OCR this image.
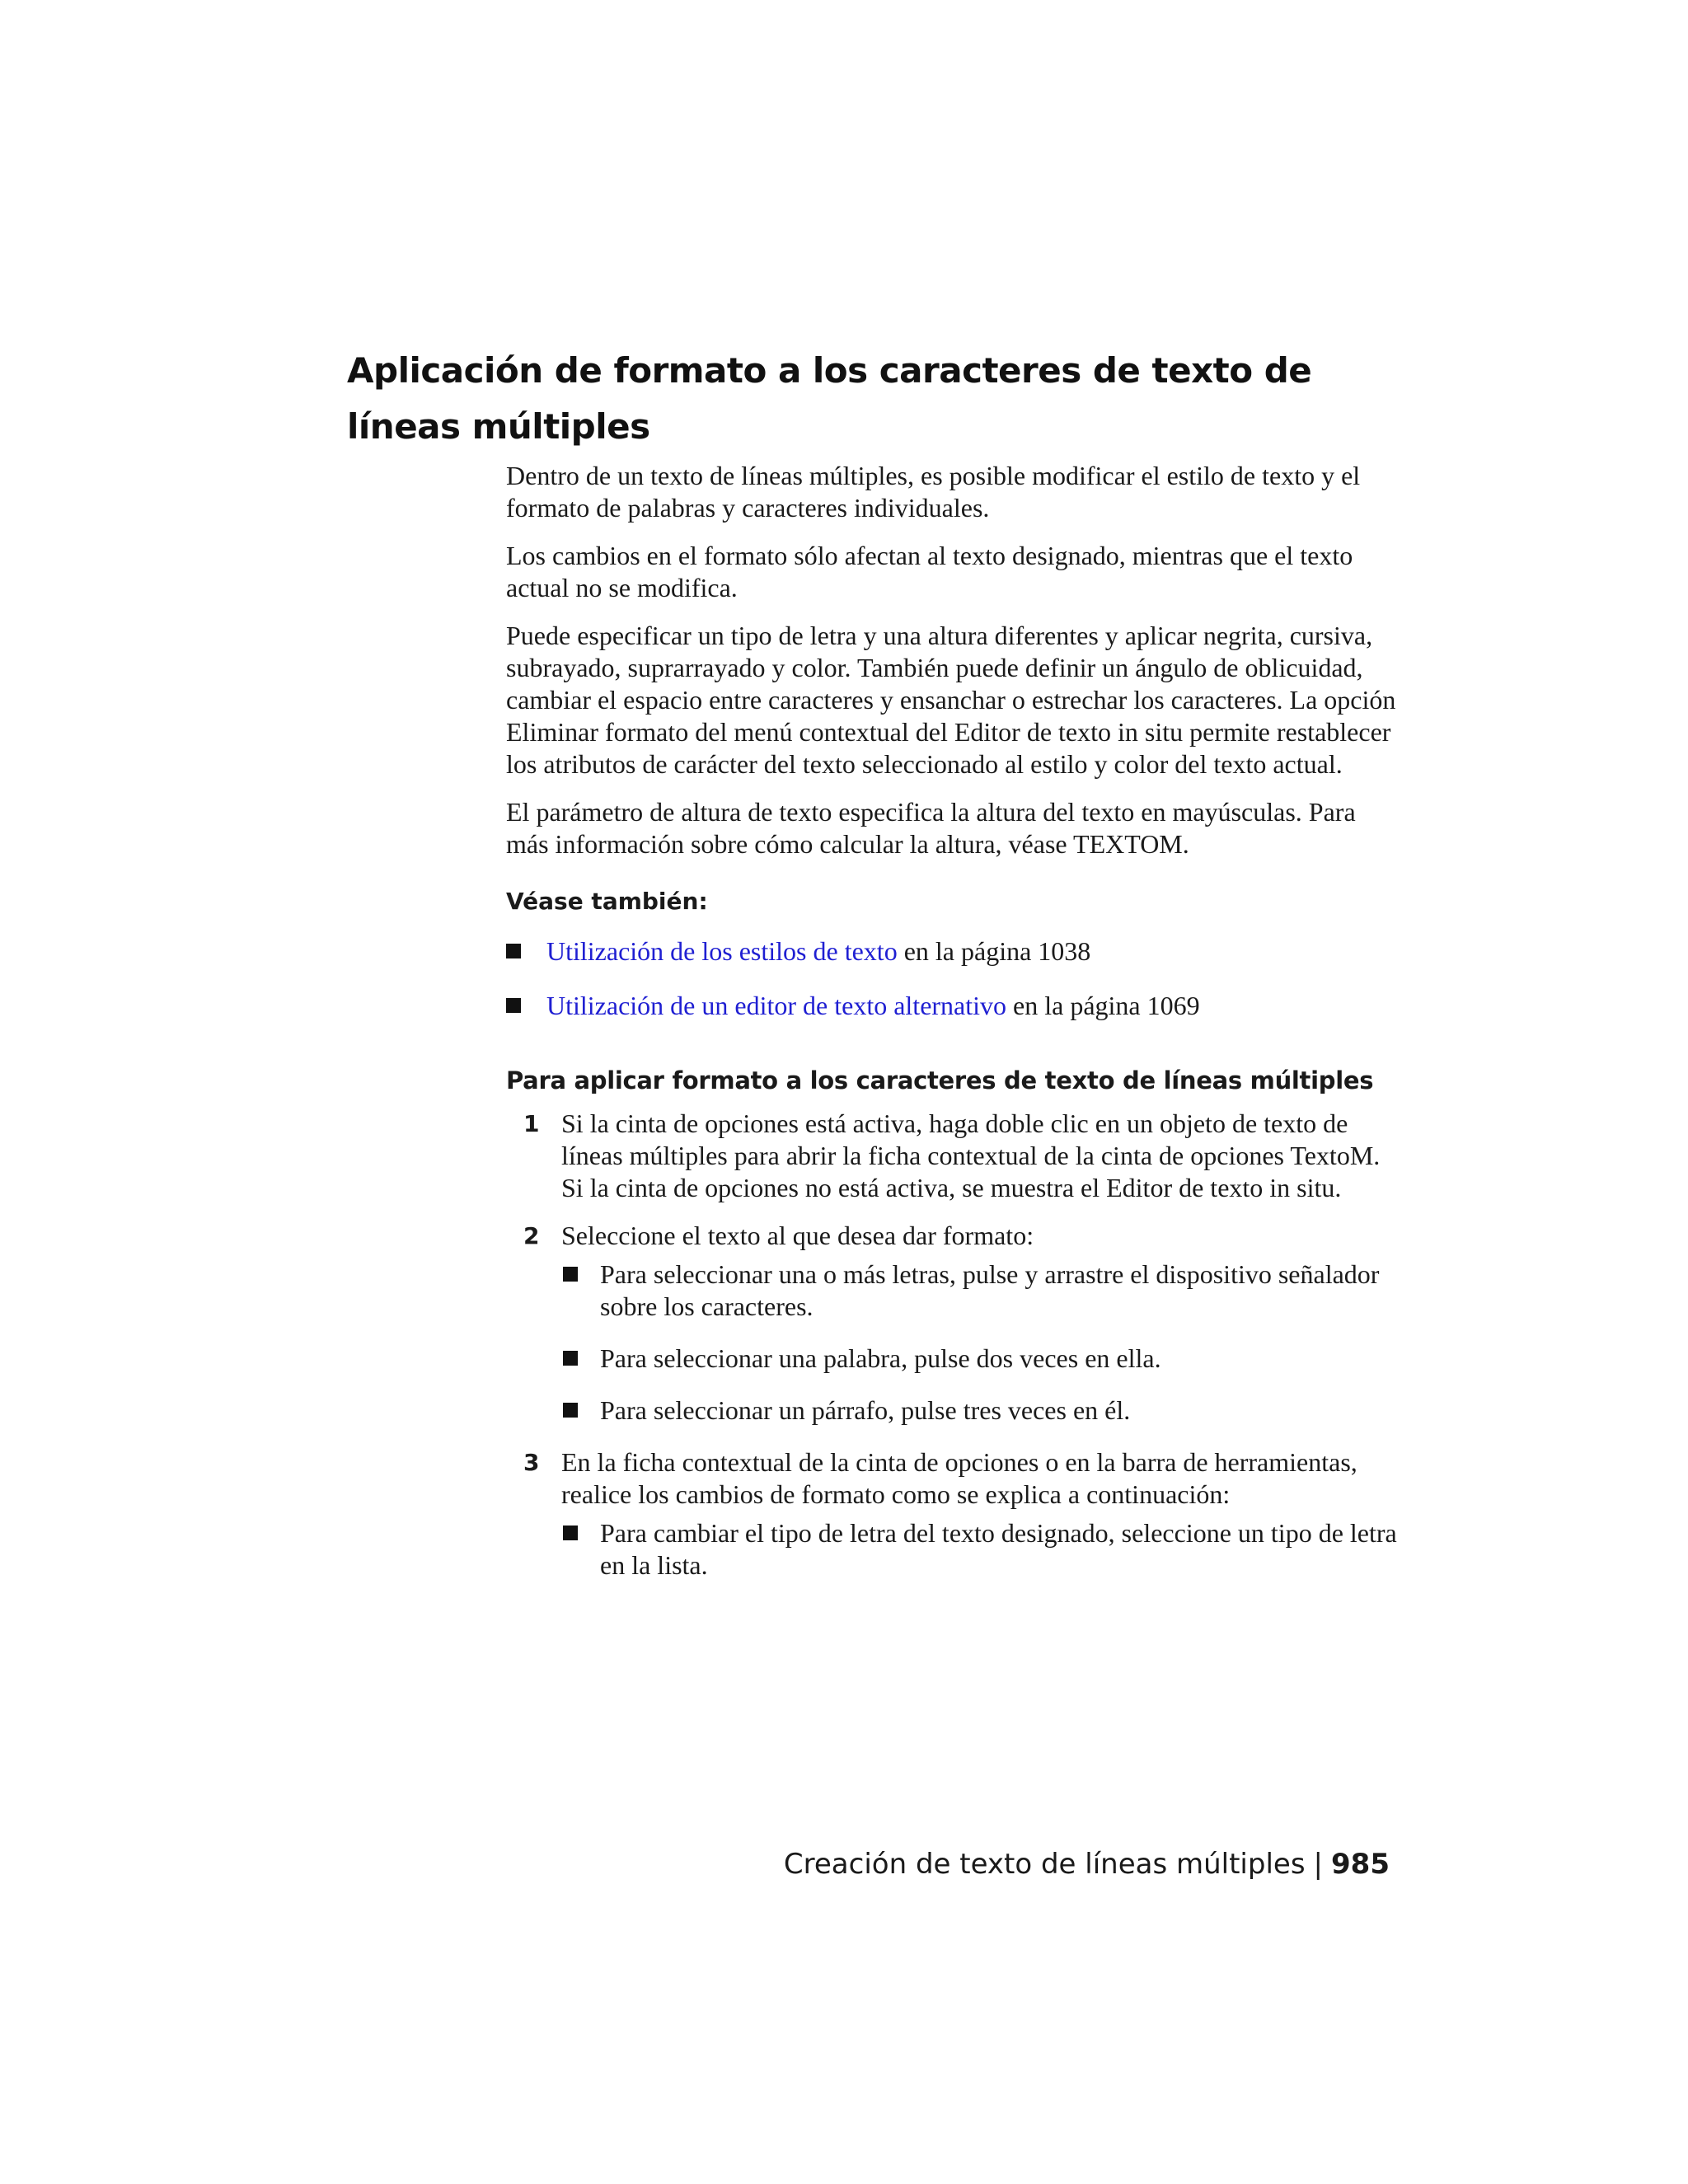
Aplicación de formato a los caracteres de texto de líneas múltiples

Dentro de un texto de líneas múltiples, es posible modificar el estilo de texto y el formato de palabras y caracteres individuales.

Los cambios en el formato sólo afectan al texto designado, mientras que el texto actual no se modifica.

Puede especificar un tipo de letra y una altura diferentes y aplicar negrita, cursiva, subrayado, suprarrayado y color. También puede definir un ángulo de oblicuidad, cambiar el espacio entre caracteres y ensanchar o estrechar los caracteres. La opción Eliminar formato del menú contextual del Editor de texto in situ permite restablecer los atributos de carácter del texto seleccionado al estilo y color del texto actual.

El parámetro de altura de texto especifica la altura del texto en mayúsculas. Para más información sobre cómo calcular la altura, véase TEXTOM.

Véase también:
Utilización de los estilos de texto en la página 1038
Utilización de un editor de texto alternativo en la página 1069
Para aplicar formato a los caracteres de texto de líneas múltiples
1 Si la cinta de opciones está activa, haga doble clic en un objeto de texto de líneas múltiples para abrir la ficha contextual de la cinta de opciones TextoM. Si la cinta de opciones no está activa, se muestra el Editor de texto in situ.
2 Seleccione el texto al que desea dar formato:
Para seleccionar una o más letras, pulse y arrastre el dispositivo señalador sobre los caracteres.
Para seleccionar una palabra, pulse dos veces en ella.
Para seleccionar un párrafo, pulse tres veces en él.
3 En la ficha contextual de la cinta de opciones o en la barra de herramientas, realice los cambios de formato como se explica a continuación:
Para cambiar el tipo de letra del texto designado, seleccione un tipo de letra en la lista.
Creación de texto de líneas múltiples | 985
